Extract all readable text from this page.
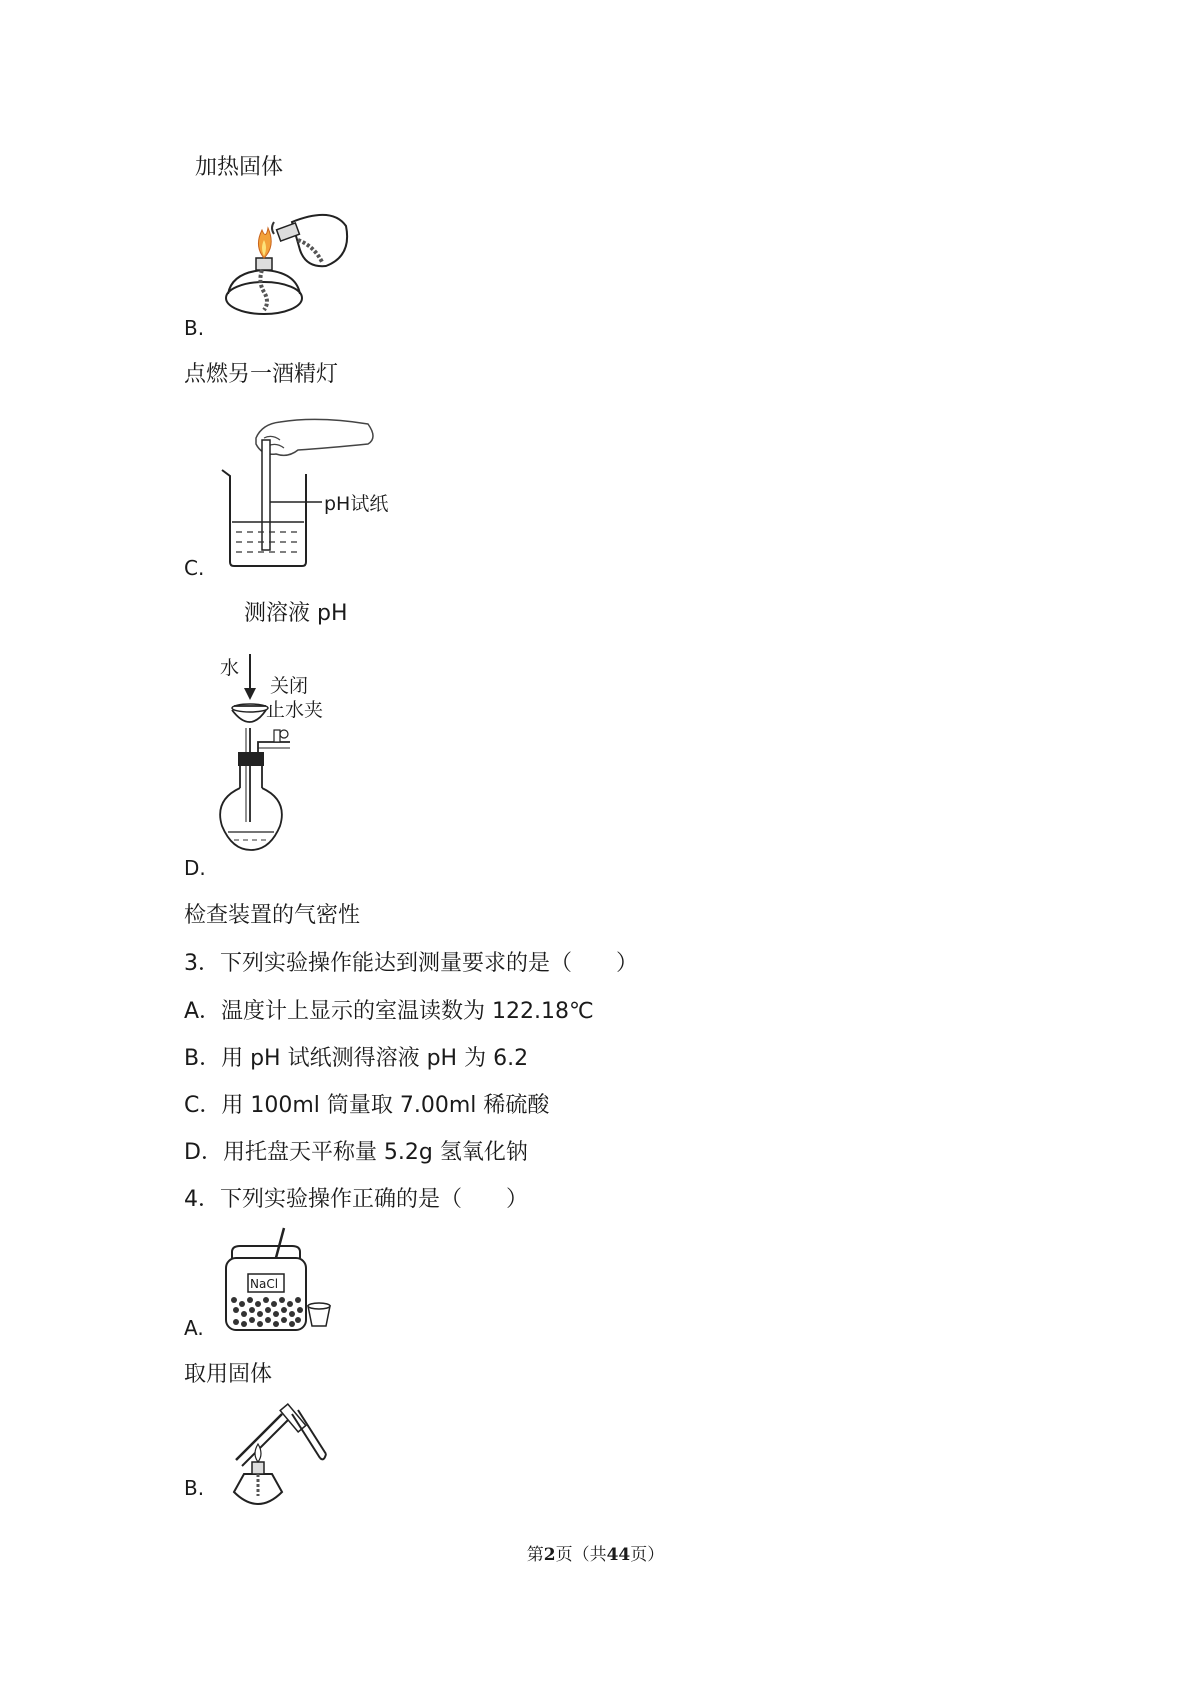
加热固体
B.
点燃另一酒精灯
pH试纸
C.
测溶液 pH
水
关闭
止水夹
D.
检查装置的气密性
3．下列实验操作能达到测量要求的是（　　）
A．温度计上显示的室温读数为 122.18℃
B．用 pH 试纸测得溶液 pH 为 6.2
C．用 100ml 筒量取 7.00ml 稀硫酸
D．用托盘天平称量 5.2g 氢氧化钠
4．下列实验操作正确的是（　　）
NaCl
A.
取用固体
B.
第2页（共44页）
